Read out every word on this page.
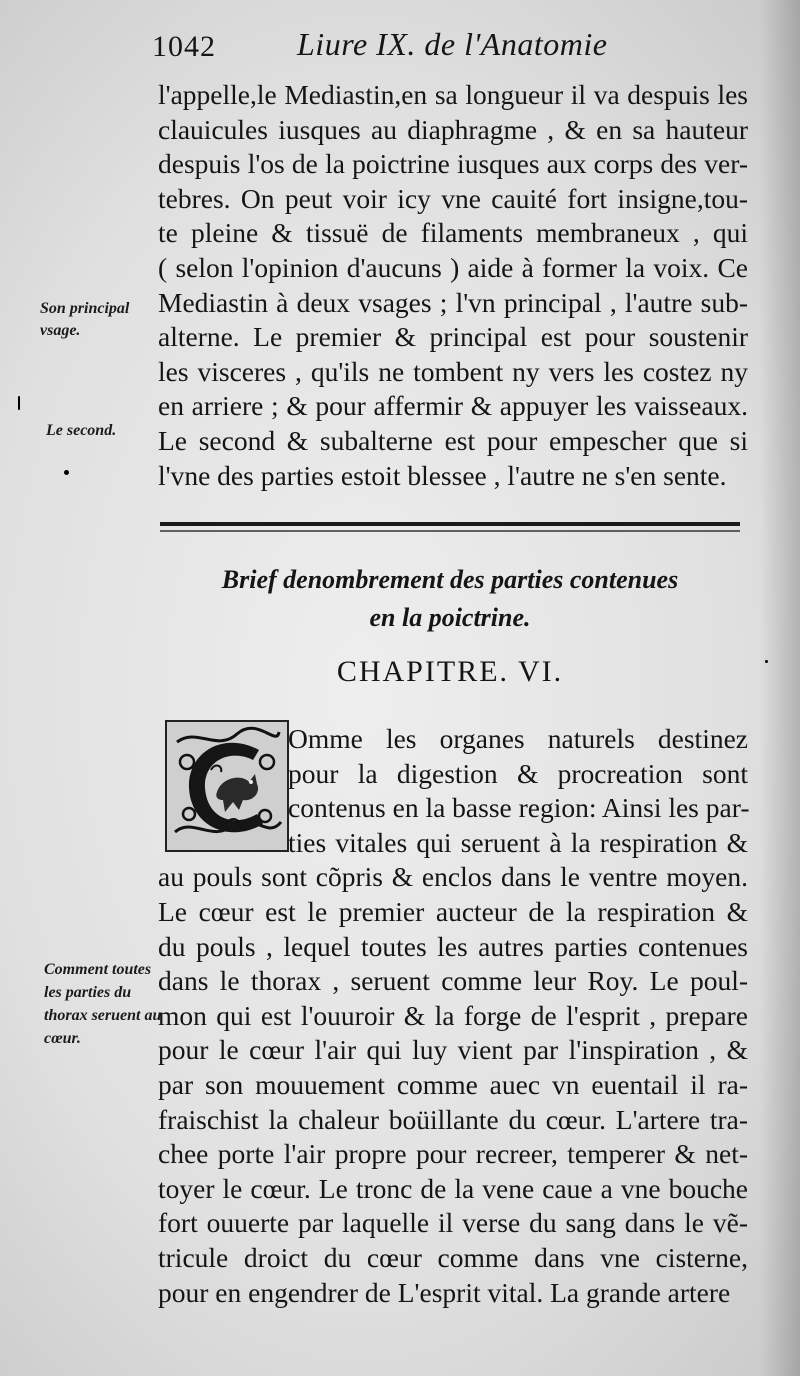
1042	Liure IX. de l'Anatomie
l'appelle,le Mediastin,en sa longueur il va despuis les
clauicules iusques au diaphragme , & en sa hauteur
despuis l'os de la poictrine iusques aux corps des ver-
tebres. On peut voir icy vne cauité fort insigne,tou-
te pleine & tissuë de filaments membraneux , qui
( selon l'opinion d'aucuns ) aide à former la voix. Ce
Mediastin à deux vsages ; l'vn principal , l'autre sub-
alterne. Le premier & principal est pour soustenir
les visceres , qu'ils ne tombent ny vers les costez ny
en arriere ; & pour affermir & appuyer les vaisseaux.
Le second & subalterne est pour empescher que si
l'vne des parties estoit blessee , l'autre ne s'en sente.
Son principal vsage.
Le second.
Comment toutes les parties du thorax seruent au cœur.
Brief denombrement des parties contenues
en la poictrine.
CHAPITRE. VI.
Omme les organes naturels destinez
pour la digestion & procreation sont
contenus en la basse region: Ainsi les par-
ties vitales qui seruent à la respiration &
au pouls sont cõpris & enclos dans le ventre moyen.
Le cœur est le premier aucteur de la respiration &
du pouls , lequel toutes les autres parties contenues
dans le thorax , seruent comme leur Roy. Le poul-
mon qui est l'ouuroir & la forge de l'esprit , prepare
pour le cœur l'air qui luy vient par l'inspiration , &
par son mouuement comme auec vn euentail il ra-
fraischist la chaleur boüillante du cœur. L'artere tra-
chee porte l'air propre pour recreer, temperer & net-
toyer le cœur. Le tronc de la vene caue a vne bouche
fort ouuerte par laquelle il verse du sang dans le vẽ-
tricule droict du cœur comme dans vne cisterne,
pour en engendrer de L'esprit vital. La grande artere
